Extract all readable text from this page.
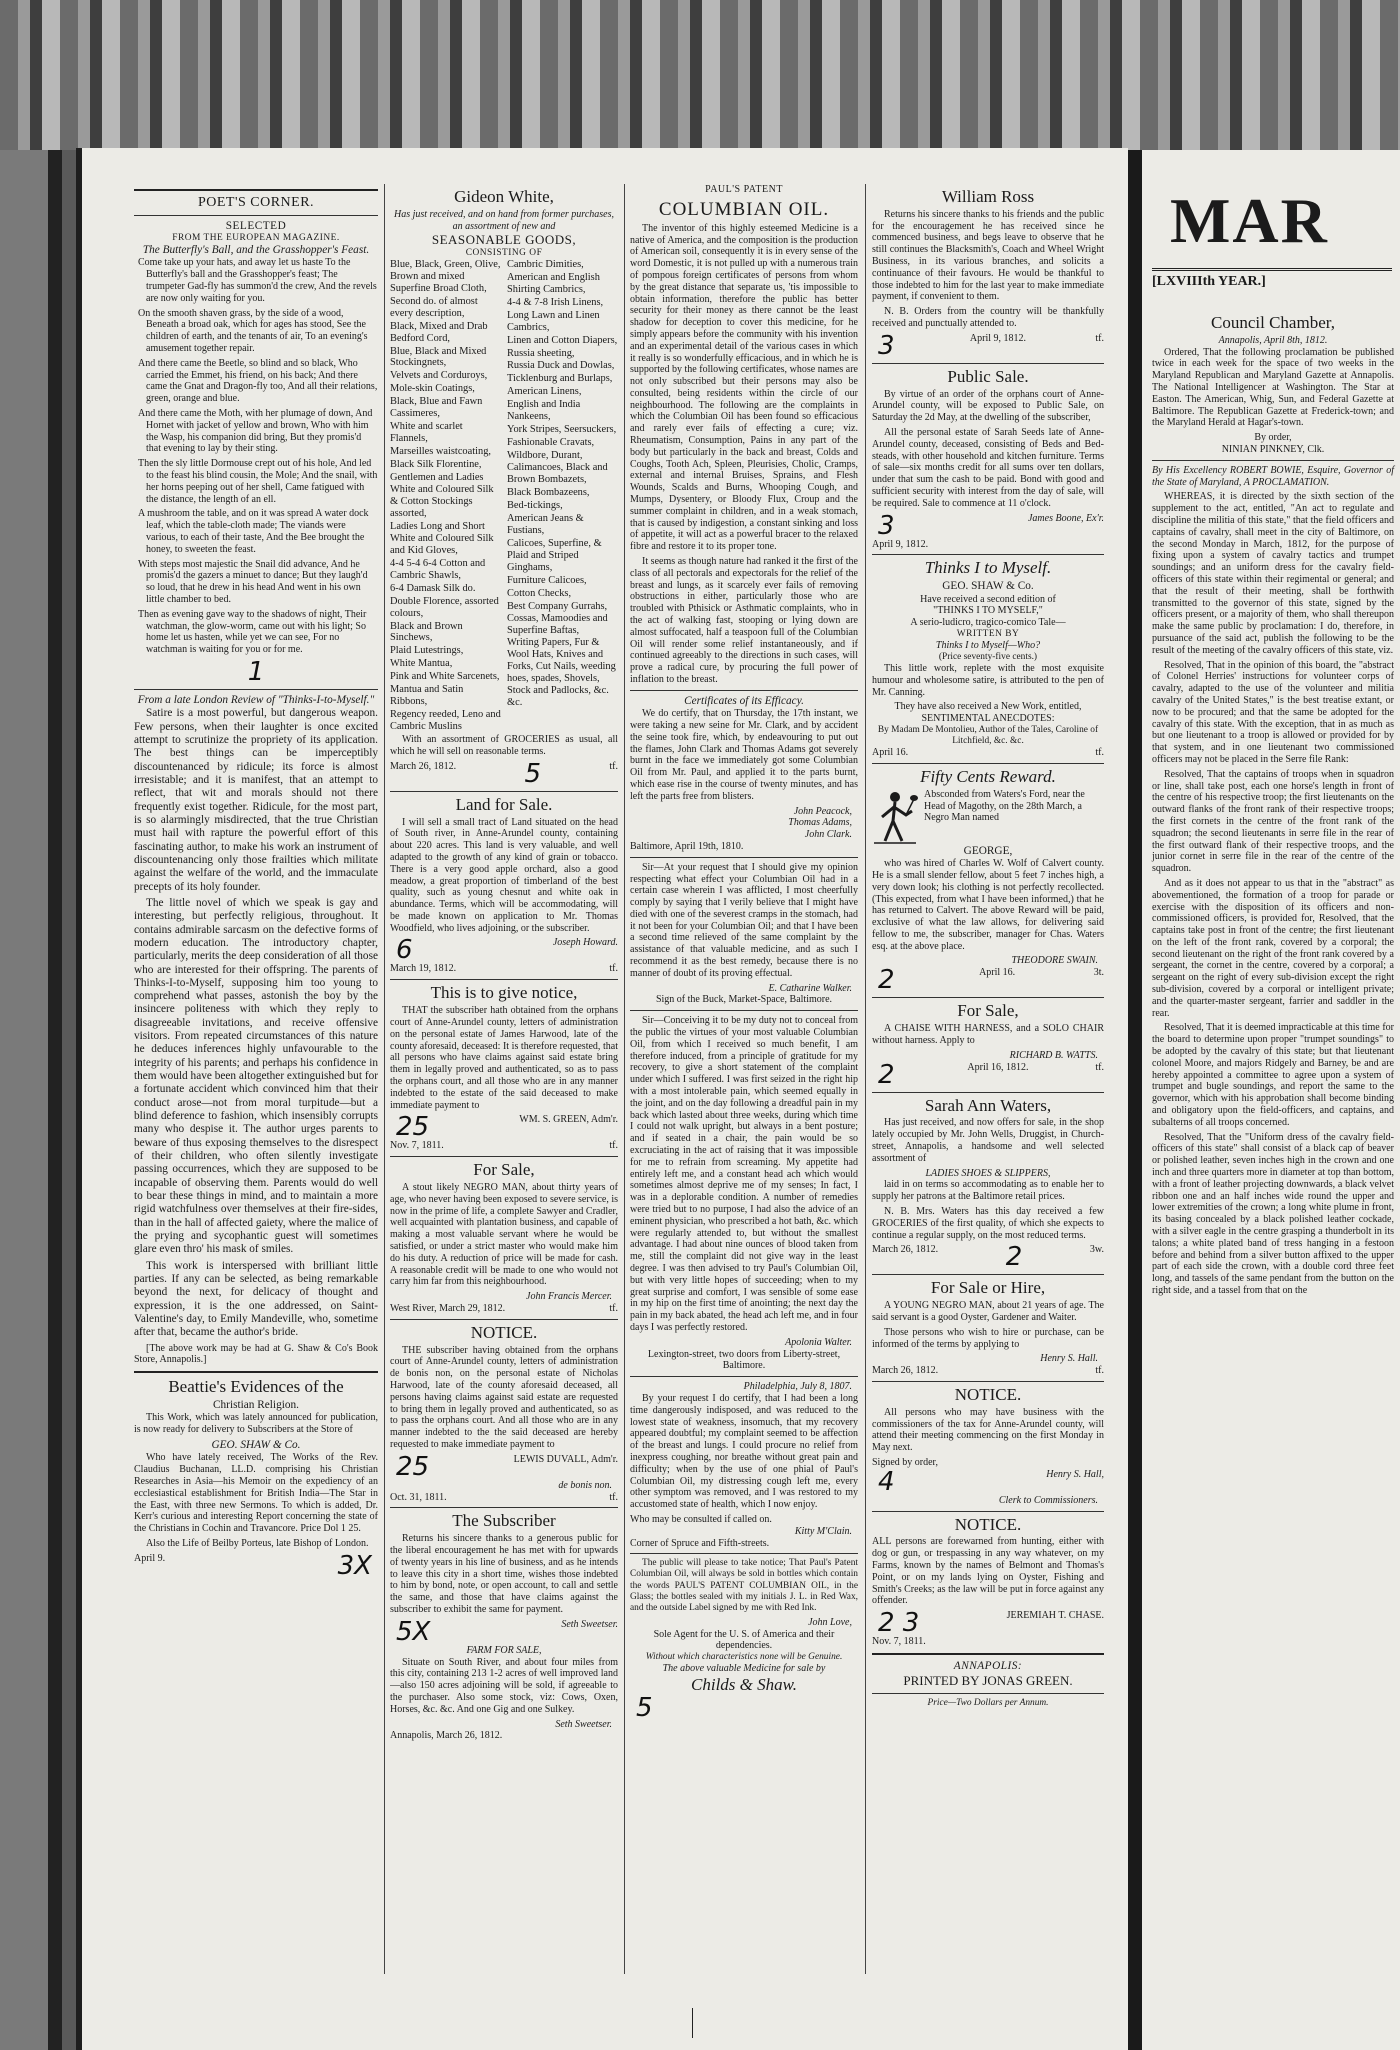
POET'S CORNER.
SELECTED
FROM THE EUROPEAN MAGAZINE.
The Butterfly's Ball, and the Grasshopper's Feast.

Come take up your hats, and away let us haste To the Butterfly's ball and the Grasshopper's feast; The trumpeter Gad-fly has summon'd the crew, And the revels are now only waiting for you.

On the smooth shaven grass, by the side of a wood, Beneath a broad oak, which for ages has stood, See the children of earth, and the tenants of air, To an evening's amusement together repair.

And there came the Beetle, so blind and so black, Who carried the Emmet, his friend, on his back; And there came the Gnat and Dragon-fly too, And all their relations, green, orange and blue.

And there came the Moth, with her plumage of down, And Hornet with jacket of yellow and brown, Who with him the Wasp, his companion did bring, But they promis'd that evening to lay by their sting.

Then the sly little Dormouse crept out of his hole, And led to the feast his blind cousin, the Mole; And the snail, with her horns peeping out of her shell, Came fatigued with the distance, the length of an ell.

A mushroom the table, and on it was spread A water dock leaf, which the table-cloth made; The viands were various, to each of their taste, And the Bee brought the honey, to sweeten the feast.

With steps most majestic the Snail did advance, And he promis'd the gazers a minuet to dance; But they laugh'd so loud, that he drew in his head And went in his own little chamber to bed.

Then as evening gave way to the shadows of night, Their watchman, the glow-worm, came out with his light; So home let us hasten, while yet we can see, For no watchman is waiting for you or for me.

1
From a late London Review of "Thinks-I-to-Myself."

Satire is a most powerful, but dangerous weapon. Few persons, when their laughter is once excited attempt to scrutinize the propriety of its application. The best things can be imperceptibly discountenanced by ridicule; its force is almost irresistable; and it is manifest, that an attempt to reflect, that wit and morals should not there frequently exist together. Ridicule, for the most part, is so alarmingly misdirected, that the true Christian must hail with rapture the powerful effort of this fascinating author, to make his work an instrument of discountenancing only those frailties which militate against the welfare of the world, and the immaculate precepts of its holy founder.

The little novel of which we speak is gay and interesting, but perfectly religious, throughout. It contains admirable sarcasm on the defective forms of modern education. The introductory chapter, particularly, merits the deep consideration of all those who are interested for their offspring. The parents of Thinks-I-to-Myself, supposing him too young to comprehend what passes, astonish the boy by the insincere politeness with which they reply to disagreeable invitations, and receive offensive visitors. From repeated circumstances of this nature he deduces inferences highly unfavourable to the integrity of his parents; and perhaps his confidence in them would have been altogether extinguished but for a fortunate accident which convinced him that their conduct arose—not from moral turpitude—but a blind deference to fashion, which insensibly corrupts many who despise it. The author urges parents to beware of thus exposing themselves to the disrespect of their children, who often silently investigate passing occurrences, which they are supposed to be incapable of observing them. Parents would do well to bear these things in mind, and to maintain a more rigid watchfulness over themselves at their fire-sides, than in the hall of affected gaiety, where the malice of the prying and sycophantic guest will sometimes glare even thro' his mask of smiles.

This work is interspersed with brilliant little parties. If any can be selected, as being remarkable beyond the next, for delicacy of thought and expression, it is the one addressed, on Saint-Valentine's day, to Emily Mandeville, who, sometime after that, became the author's bride.

[The above work may be had at G. Shaw & Co's Book Store, Annapolis.]

Beattie's Evidences of the
Christian Religion.

This Work, which was lately announced for publication, is now ready for delivery to Subscribers at the Store of

GEO. SHAW & Co.

Who have lately received, The Works of the Rev. Claudius Buchanan, LL.D. comprising his Christian Researches in Asia—his Memoir on the expediency of an ecclesiastical establishment for British India—The Star in the East, with three new Sermons. To which is added, Dr. Kerr's curious and interesting Report concerning the state of the Christians in Cochin and Travancore. Price Dol 1 25.

Also the Life of Beilby Porteus, late Bishop of London.

April 9.	3X
Gideon White,
Has just received, and on hand from former purchases, an assortment of new and
SEASONABLE GOODS,
CONSISTING OF

Blue, Black, Green, Olive, Brown and mixed Superfine Broad Cloth,

Second do. of almost every description,

Black, Mixed and Drab Bedford Cord,

Blue, Black and Mixed Stockingnets,

Velvets and Corduroys,

Mole-skin Coatings,

Black, Blue and Fawn Cassimeres,

White and scarlet Flannels,

Marseilles waistcoating,

Black Silk Florentine,

Gentlemen and Ladies White and Coloured Silk & Cotton Stockings assorted,

Ladies Long and Short White and Coloured Silk and Kid Gloves,

4-4 5-4 6-4 Cotton and Cambric Shawls,

6-4 Damask Silk do.

Double Florence, assorted colours,

Black and Brown Sinchews,

Plaid Lutestrings,

White Mantua,

Pink and White Sarcenets,

Mantua and Satin Ribbons,

Regency reeded, Leno and Cambric Muslins

Cambric Dimities,

American and English Shirting Cambrics,

4-4 & 7-8 Irish Linens,

Long Lawn and Linen Cambrics,

Linen and Cotton Diapers,

Russia sheeting,

Russia Duck and Dowlas,

Ticklenburg and Burlaps,

American Linens,

English and India Nankeens,

York Stripes, Seersuckers,

Fashionable Cravats,

Wildbore, Durant, Calimancoes, Black and Brown Bombazets,

Black Bombazeens,

Bed-tickings,

American Jeans & Fustians,

Calicoes, Superfine, & Plaid and Striped Ginghams,

Furniture Calicoes,

Cotton Checks,

Best Company Gurrahs, Cossas, Mamoodies and Superfine Baftas,

Writing Papers, Fur & Wool Hats, Knives and Forks, Cut Nails, weeding hoes, spades, Shovels, Stock and Padlocks, &c. &c.

With an assortment of GROCERIES as usual, all which he will sell on reasonable terms.

March 26, 1812.	5	tf.
Land for Sale.

I will sell a small tract of Land situated on the head of South river, in Anne-Arundel county, containing about 220 acres. This land is very valuable, and well adapted to the growth of any kind of grain or tobacco. There is a very good apple orchard, also a good meadow, a great proportion of timberland of the best quality, such as young chesnut and white oak in abundance. Terms, which will be accommodating, will be made known on application to Mr. Thomas Woodfield, who lives adjoining, or the subscriber.

6	Joseph Howard.
March 19, 1812.	tf.
This is to give notice,

THAT the subscriber hath obtained from the orphans court of Anne-Arundel county, letters of administration on the personal estate of James Harwood, late of the county aforesaid, deceased: It is therefore requested, that all persons who have claims against said estate bring them in legally proved and authenticated, so as to pass the orphans court, and all those who are in any manner indebted to the estate of the said deceased to make immediate payment to

25	WM. S. GREEN, Adm'r.
Nov. 7, 1811.	tf.
For Sale,

A stout likely NEGRO MAN, about thirty years of age, who never having been exposed to severe service, is now in the prime of life, a complete Sawyer and Cradler, well acquainted with plantation business, and capable of making a most valuable servant where he would be satisfied, or under a strict master who would make him do his duty. A reduction of price will be made for cash. A reasonable credit will be made to one who would not carry him far from this neighbourhood.

John Francis Mercer.
West River, March 29, 1812.	tf.
NOTICE.

THE subscriber having obtained from the orphans court of Anne-Arundel county, letters of administration de bonis non, on the personal estate of Nicholas Harwood, late of the county aforesaid deceased, all persons having claims against said estate are requested to bring them in legally proved and authenticated, so as to pass the orphans court. And all those who are in any manner indebted to the the said deceased are hereby requested to make immediate payment to

25	LEWIS DUVALL, Adm'r.
de bonis non.
Oct. 31, 1811.	tf.
The Subscriber

Returns his sincere thanks to a generous public for the liberal encouragement he has met with for upwards of twenty years in his line of business, and as he intends to leave this city in a short time, wishes those indebted to him by bond, note, or open account, to call and settle the same, and those that have claims against the subscriber to exhibit the same for payment.

5X	Seth Sweetser.
FARM FOR SALE,

Situate on South River, and about four miles from this city, containing 213 1-2 acres of well improved land—also 150 acres adjoining will be sold, if agreeable to the purchaser. Also some stock, viz: Cows, Oxen, Horses, &c. &c. And one Gig and one Sulkey.

Seth Sweetser.
Annapolis, March 26, 1812.
PAUL'S PATENT
COLUMBIAN OIL.

The inventor of this highly esteemed Medicine is a native of America, and the composition is the production of American soil, consequently it is in every sense of the word Domestic, it is not pulled up with a numerous train of pompous foreign certificates of persons from whom by the great distance that separate us, 'tis impossible to obtain information, therefore the public has better security for their money as there cannot be the least shadow for deception to cover this medicine, for he simply appears before the community with his invention and an experimental detail of the various cases in which it really is so wonderfully efficacious, and in which he is supported by the following certificates, whose names are not only subscribed but their persons may also be consulted, being residents within the circle of our neighbourhood. The following are the complaints in which the Columbian Oil has been found so efficacious and rarely ever fails of effecting a cure; viz. Rheumatism, Consumption, Pains in any part of the body but particularly in the back and breast, Colds and Coughs, Tooth Ach, Spleen, Pleurisies, Cholic, Cramps, external and internal Bruises, Sprains, and Flesh Wounds, Scalds and Burns, Whooping Cough, and Mumps, Dysentery, or Bloody Flux, Croup and the summer complaint in children, and in a weak stomach, that is caused by indigestion, a constant sinking and loss of appetite, it will act as a powerful bracer to the relaxed fibre and restore it to its proper tone.

It seems as though nature had ranked it the first of the class of all pectorals and expectorals for the relief of the breast and lungs, as it scarcely ever fails of removing obstructions in either, particularly those who are troubled with Pthisick or Asthmatic complaints, who in the act of walking fast, stooping or lying down are almost suffocated, half a teaspoon full of the Columbian Oil will render some relief instantaneously, and if continued agreeably to the directions in such cases, will prove a radical cure, by procuring the full power of inflation to the breast.

Certificates of its Efficacy.

We do certify, that on Thursday, the 17th instant, we were taking a new seine for Mr. Clark, and by accident the seine took fire, which, by endeavouring to put out the flames, John Clark and Thomas Adams got severely burnt in the face we immediately got some Columbian Oil from Mr. Paul, and applied it to the parts burnt, which ease rise in the course of twenty minutes, and has left the parts free from blisters.

John Peacock,
Thomas Adams,
John Clark.
Baltimore, April 19th, 1810.

Sir—At your request that I should give my opinion respecting what effect your Columbian Oil had in a certain case wherein I was afflicted, I most cheerfully comply by saying that I verily believe that I might have died with one of the severest cramps in the stomach, had it not been for your Columbian Oil; and that I have been a second time relieved of the same complaint by the assistance of that valuable medicine, and as such I recommend it as the best remedy, because there is no manner of doubt of its proving effectual.

E. Catharine Walker.
Sign of the Buck, Market-Space, Baltimore.

Sir—Conceiving it to be my duty not to conceal from the public the virtues of your most valuable Columbian Oil, from which I received so much benefit, I am therefore induced, from a principle of gratitude for my recovery, to give a short statement of the complaint under which I suffered. I was first seized in the right hip with a most intolerable pain, which seemed equally in the joint, and on the day following a dreadful pain in my back which lasted about three weeks, during which time I could not walk upright, but always in a bent posture; and if seated in a chair, the pain would be so excruciating in the act of raising that it was impossible for me to refrain from screaming. My appetite had entirely left me, and a constant head ach which would sometimes almost deprive me of my senses; In fact, I was in a deplorable condition. A number of remedies were tried but to no purpose, I had also the advice of an eminent physician, who prescribed a hot bath, &c. which were regularly attended to, but without the smallest advantage. I had about nine ounces of blood taken from me, still the complaint did not give way in the least degree. I was then advised to try Paul's Columbian Oil, but with very little hopes of succeeding; when to my great surprise and comfort, I was sensible of some ease in my hip on the first time of anointing; the next day the pain in my back abated, the head ach left me, and in four days I was perfectly restored.

Apolonia Walter.
Lexington-street, two doors from Liberty-street, Baltimore.
Philadelphia, July 8, 1807.

By your request I do certify, that I had been a long time dangerously indisposed, and was reduced to the lowest state of weakness, insomuch, that my recovery appeared doubtful; my complaint seemed to be affection of the breast and lungs. I could procure no relief from inexpress coughing, nor breathe without great pain and difficulty; when by the use of one phial of Paul's Columbian Oil, my distressing cough left me, every other symptom was removed, and I was restored to my accustomed state of health, which I now enjoy.

Who may be consulted if called on.
Kitty M'Clain.
Corner of Spruce and Fifth-streets.

The public will please to take notice; That Paul's Patent Columbian Oil, will always be sold in bottles which contain the words PAUL'S PATENT COLUMBIAN OIL, in the Glass; the bottles sealed with my initials J. L. in Red Wax, and the outside Label signed by me with Red Ink.

John Love,
Sole Agent for the U. S. of America and their dependencies.
Without which characteristics none will be Genuine.
The above valuable Medicine for sale by
Childs & Shaw.
5
William Ross

Returns his sincere thanks to his friends and the public for the encouragement he has received since he commenced business, and begs leave to observe that he still continues the Blacksmith's, Coach and Wheel Wright Business, in its various branches, and solicits a continuance of their favours. He would be thankful to those indebted to him for the last year to make immediate payment, if convenient to them.

N. B. Orders from the country will be thankfully received and punctually attended to.

3	April 9, 1812.	tf.
Public Sale.

By virtue of an order of the orphans court of Anne-Arundel county, will be exposed to Public Sale, on Saturday the 2d May, at the dwelling of the subscriber,

All the personal estate of Sarah Seeds late of Anne-Arundel county, deceased, consisting of Beds and Bed-steads, with other household and kitchen furniture. Terms of sale—six months credit for all sums over ten dollars, under that sum the cash to be paid. Bond with good and sufficient security with interest from the day of sale, will be required. Sale to commence at 11 o'clock.

3	James Boone, Ex'r.
April 9, 1812.
Thinks I to Myself.
GEO. SHAW & Co.
Have received a second edition of
"THINKS I TO MYSELF,"
A serio-ludicro, tragico-comico Tale—
WRITTEN BY
Thinks I to Myself—Who?
(Price seventy-five cents.)

This little work, replete with the most exquisite humour and wholesome satire, is attributed to the pen of Mr. Canning.

They have also received a New Work, entitled,
SENTIMENTAL ANECDOTES:
By Madam De Montolieu, Author of the Tales, Caroline of Litchfield, &c. &c.
April 16.	tf.
Fifty Cents Reward.

Absconded from Waters's Ford, near the Head of Magothy, on the 28th March, a Negro Man named

GEORGE,

who was hired of Charles W. Wolf of Calvert county. He is a small slender fellow, about 5 feet 7 inches high, a very down look; his clothing is not perfectly recollected. (This expected, from what I have been informed,) that he has returned to Calvert. The above Reward will be paid, exclusive of what the law allows, for delivering said fellow to me, the subscriber, manager for Chas. Waters esq. at the above place.

THEODORE SWAIN.
2	April 16.	3t.
For Sale,

A CHAISE WITH HARNESS, and a SOLO CHAIR without harness. Apply to

RICHARD B. WATTS.
2	April 16, 1812.	tf.
Sarah Ann Waters,

Has just received, and now offers for sale, in the shop lately occupied by Mr. John Wells, Druggist, in Church-street, Annapolis, a handsome and well selected assortment of

LADIES SHOES & SLIPPERS,

laid in on terms so accommodating as to enable her to supply her patrons at the Baltimore retail prices.

N. B. Mrs. Waters has this day received a few GROCERIES of the first quality, of which she expects to continue a regular supply, on the most reduced terms.

March 26, 1812.	2	3w.
For Sale or Hire,

A YOUNG NEGRO MAN, about 21 years of age. The said servant is a good Oyster, Gardener and Waiter.

Those persons who wish to hire or purchase, can be informed of the terms by applying to

Henry S. Hall.
March 26, 1812.	tf.
NOTICE.

All persons who may have business with the commissioners of the tax for Anne-Arundel county, will attend their meeting commencing on the first Monday in May next.

Signed by order,
4	Henry S. Hall,
Clerk to Commissioners.
NOTICE.

ALL persons are forewarned from hunting, either with dog or gun, or trespassing in any way whatever, on my Farms, known by the names of Belmont and Thomas's Point, or on my lands lying on Oyster, Fishing and Smith's Creeks; as the law will be put in force against any offender.

2 3	JEREMIAH T. CHASE.
Nov. 7, 1811.
ANNAPOLIS:
PRINTED BY JONAS GREEN.
Price—Two Dollars per Annum.
MAR
[LXVIIIth YEAR.]
Council Chamber,
Annapolis, April 8th, 1812.

Ordered, That the following proclamation be published twice in each week for the space of two weeks in the Maryland Republican and Maryland Gazette at Annapolis. The National Intelligencer at Washington. The Star at Easton. The American, Whig, Sun, and Federal Gazette at Baltimore. The Republican Gazette at Frederick-town; and the Maryland Herald at Hagar's-town.

By order,
NINIAN PINKNEY, Clk.

By His Excellency ROBERT BOWIE, Esquire, Governor of the State of Maryland, A PROCLAMATION.

WHEREAS, it is directed by the sixth section of the supplement to the act, entitled, "An act to regulate and discipline the militia of this state," that the field officers and captains of cavalry, shall meet in the city of Baltimore, on the second Monday in March, 1812, for the purpose of fixing upon a system of cavalry tactics and trumpet soundings; and an uniform dress for the cavalry field-officers of this state within their regimental or general; and that the result of their meeting, shall be forthwith transmitted to the governor of this state, signed by the officers present, or a majority of them, who shall thereupon make the same public by proclamation: I do, therefore, in pursuance of the said act, publish the following to be the result of the meeting of the cavalry officers of this state, viz.

Resolved, That in the opinion of this board, the "abstract of Colonel Herries' instructions for volunteer corps of cavalry, adapted to the use of the volunteer and militia cavalry of the United States," is the best treatise extant, or now to be procured; and that the same be adopted for the cavalry of this state. With the exception, that in as much as but one lieutenant to a troop is allowed or provided for by that system, and in one lieutenant two commissioned officers may not be placed in the Serre file Rank:

Resolved, That the captains of troops when in squadron or line, shall take post, each one horse's length in front of the centre of his respective troop; the first lieutenants on the outward flanks of the front rank of their respective troops; the first cornets in the centre of the front rank of the squadron; the second lieutenants in serre file in the rear of the first outward flank of their respective troops, and the junior cornet in serre file in the rear of the centre of the squadron.

And as it does not appear to us that in the "abstract" as abovementioned, the formation of a troop for parade or exercise with the disposition of its officers and non-commissioned officers, is provided for, Resolved, that the captains take post in front of the centre; the first lieutenant on the left of the front rank, covered by a corporal; the second lieutenant on the right of the front rank covered by a sergeant, the cornet in the centre, covered by a corporal; a sergeant on the right of every sub-division except the right sub-division, covered by a corporal or intelligent private; and the quarter-master sergeant, farrier and saddler in the rear.

Resolved, That it is deemed impracticable at this time for the board to determine upon proper "trumpet soundings" to be adopted by the cavalry of this state; but that lieutenant colonel Moore, and majors Ridgely and Barney, be and are hereby appointed a committee to agree upon a system of trumpet and bugle soundings, and report the same to the governor, which with his approbation shall become binding and obligatory upon the field-officers, and captains, and subalterns of all troops concerned.

Resolved, That the "Uniform dress of the cavalry field-officers of this state" shall consist of a black cap of beaver or polished leather, seven inches high in the crown and one inch and three quarters more in diameter at top than bottom, with a front of leather projecting downwards, a black velvet ribbon one and an half inches wide round the upper and lower extremities of the crown; a long white plume in front, its basing concealed by a black polished leather cockade, with a silver eagle in the centre grasping a thunderbolt in its talons; a white plated band of tress hanging in a festoon before and behind from a silver button affixed to the upper part of each side the crown, with a double cord three feet long, and tassels of the same pendant from the button on the right side, and a tassel from that on the
